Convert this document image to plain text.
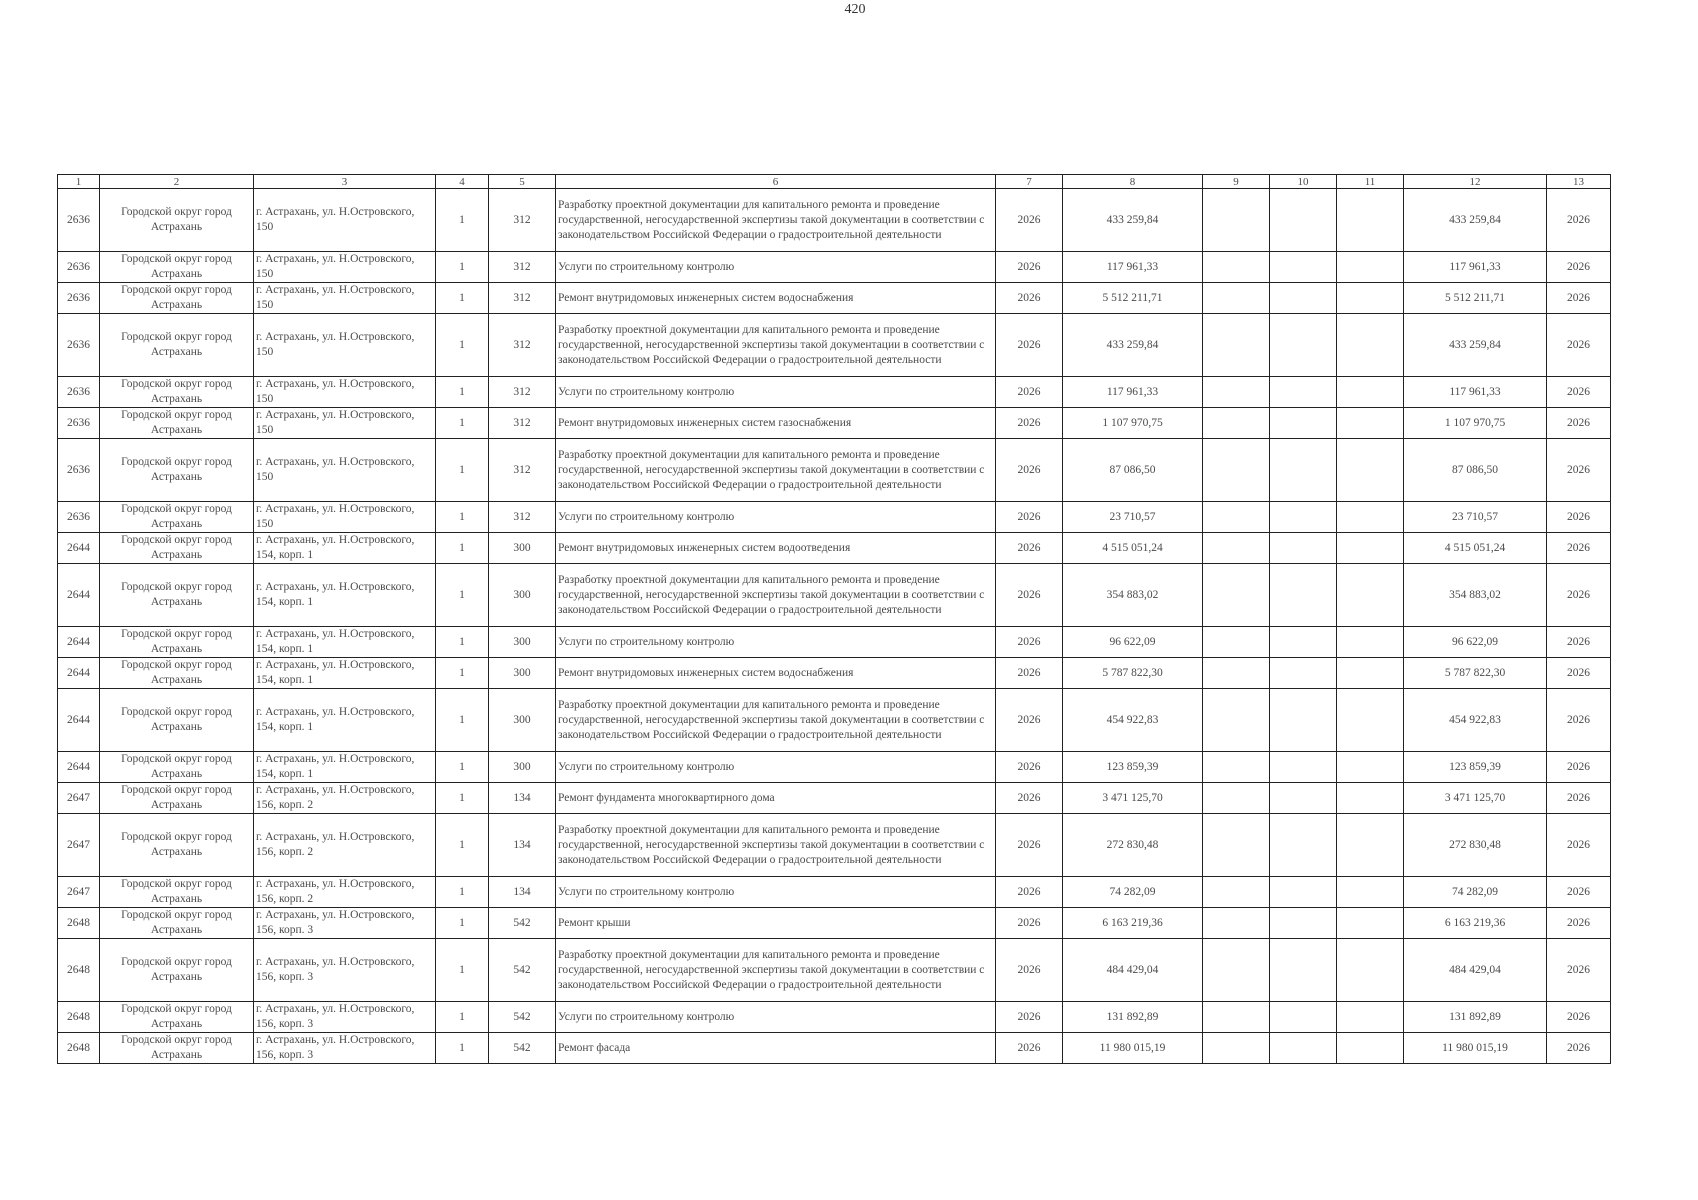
420
1	2	3	4	5	6	7	8	9	10	11	12	13
2636	Городской округ город Астрахань	г. Астрахань, ул. Н.Островского, 150	1	312	Разработку проектной документации для капитального ремонта и проведение государственной, негосударственной экспертизы такой документации в соответствии с законодательством Российской Федерации о градостроительной деятельности	2026	433 259,84				433 259,84	2026
2636	Городской округ город Астрахань	г. Астрахань, ул. Н.Островского, 150	1	312	Услуги по строительному контролю	2026	117 961,33				117 961,33	2026
2636	Городской округ город Астрахань	г. Астрахань, ул. Н.Островского, 150	1	312	Ремонт внутридомовых инженерных систем водоснабжения	2026	5 512 211,71				5 512 211,71	2026
2636	Городской округ город Астрахань	г. Астрахань, ул. Н.Островского, 150	1	312	Разработку проектной документации для капитального ремонта и проведение государственной, негосударственной экспертизы такой документации в соответствии с законодательством Российской Федерации о градостроительной деятельности	2026	433 259,84				433 259,84	2026
2636	Городской округ город Астрахань	г. Астрахань, ул. Н.Островского, 150	1	312	Услуги по строительному контролю	2026	117 961,33				117 961,33	2026
2636	Городской округ город Астрахань	г. Астрахань, ул. Н.Островского, 150	1	312	Ремонт внутридомовых инженерных систем газоснабжения	2026	1 107 970,75				1 107 970,75	2026
2636	Городской округ город Астрахань	г. Астрахань, ул. Н.Островского, 150	1	312	Разработку проектной документации для капитального ремонта и проведение государственной, негосударственной экспертизы такой документации в соответствии с законодательством Российской Федерации о градостроительной деятельности	2026	87 086,50				87 086,50	2026
2636	Городской округ город Астрахань	г. Астрахань, ул. Н.Островского, 150	1	312	Услуги по строительному контролю	2026	23 710,57				23 710,57	2026
2644	Городской округ город Астрахань	г. Астрахань, ул. Н.Островского, 154, корп. 1	1	300	Ремонт внутридомовых инженерных систем водоотведения	2026	4 515 051,24				4 515 051,24	2026
2644	Городской округ город Астрахань	г. Астрахань, ул. Н.Островского, 154, корп. 1	1	300	Разработку проектной документации для капитального ремонта и проведение государственной, негосударственной экспертизы такой документации в соответствии с законодательством Российской Федерации о градостроительной деятельности	2026	354 883,02				354 883,02	2026
2644	Городской округ город Астрахань	г. Астрахань, ул. Н.Островского, 154, корп. 1	1	300	Услуги по строительному контролю	2026	96 622,09				96 622,09	2026
2644	Городской округ город Астрахань	г. Астрахань, ул. Н.Островского, 154, корп. 1	1	300	Ремонт внутридомовых инженерных систем водоснабжения	2026	5 787 822,30				5 787 822,30	2026
2644	Городской округ город Астрахань	г. Астрахань, ул. Н.Островского, 154, корп. 1	1	300	Разработку проектной документации для капитального ремонта и проведение государственной, негосударственной экспертизы такой документации в соответствии с законодательством Российской Федерации о градостроительной деятельности	2026	454 922,83				454 922,83	2026
2644	Городской округ город Астрахань	г. Астрахань, ул. Н.Островского, 154, корп. 1	1	300	Услуги по строительному контролю	2026	123 859,39				123 859,39	2026
2647	Городской округ город Астрахань	г. Астрахань, ул. Н.Островского, 156, корп. 2	1	134	Ремонт фундамента многоквартирного дома	2026	3 471 125,70				3 471 125,70	2026
2647	Городской округ город Астрахань	г. Астрахань, ул. Н.Островского, 156, корп. 2	1	134	Разработку проектной документации для капитального ремонта и проведение государственной, негосударственной экспертизы такой документации в соответствии с законодательством Российской Федерации о градостроительной деятельности	2026	272 830,48				272 830,48	2026
2647	Городской округ город Астрахань	г. Астрахань, ул. Н.Островского, 156, корп. 2	1	134	Услуги по строительному контролю	2026	74 282,09				74 282,09	2026
2648	Городской округ город Астрахань	г. Астрахань, ул. Н.Островского, 156, корп. 3	1	542	Ремонт крыши	2026	6 163 219,36				6 163 219,36	2026
2648	Городской округ город Астрахань	г. Астрахань, ул. Н.Островского, 156, корп. 3	1	542	Разработку проектной документации для капитального ремонта и проведение государственной, негосударственной экспертизы такой документации в соответствии с законодательством Российской Федерации о градостроительной деятельности	2026	484 429,04				484 429,04	2026
2648	Городской округ город Астрахань	г. Астрахань, ул. Н.Островского, 156, корп. 3	1	542	Услуги по строительному контролю	2026	131 892,89				131 892,89	2026
2648	Городской округ город Астрахань	г. Астрахань, ул. Н.Островского, 156, корп. 3	1	542	Ремонт фасада	2026	11 980 015,19				11 980 015,19	2026
